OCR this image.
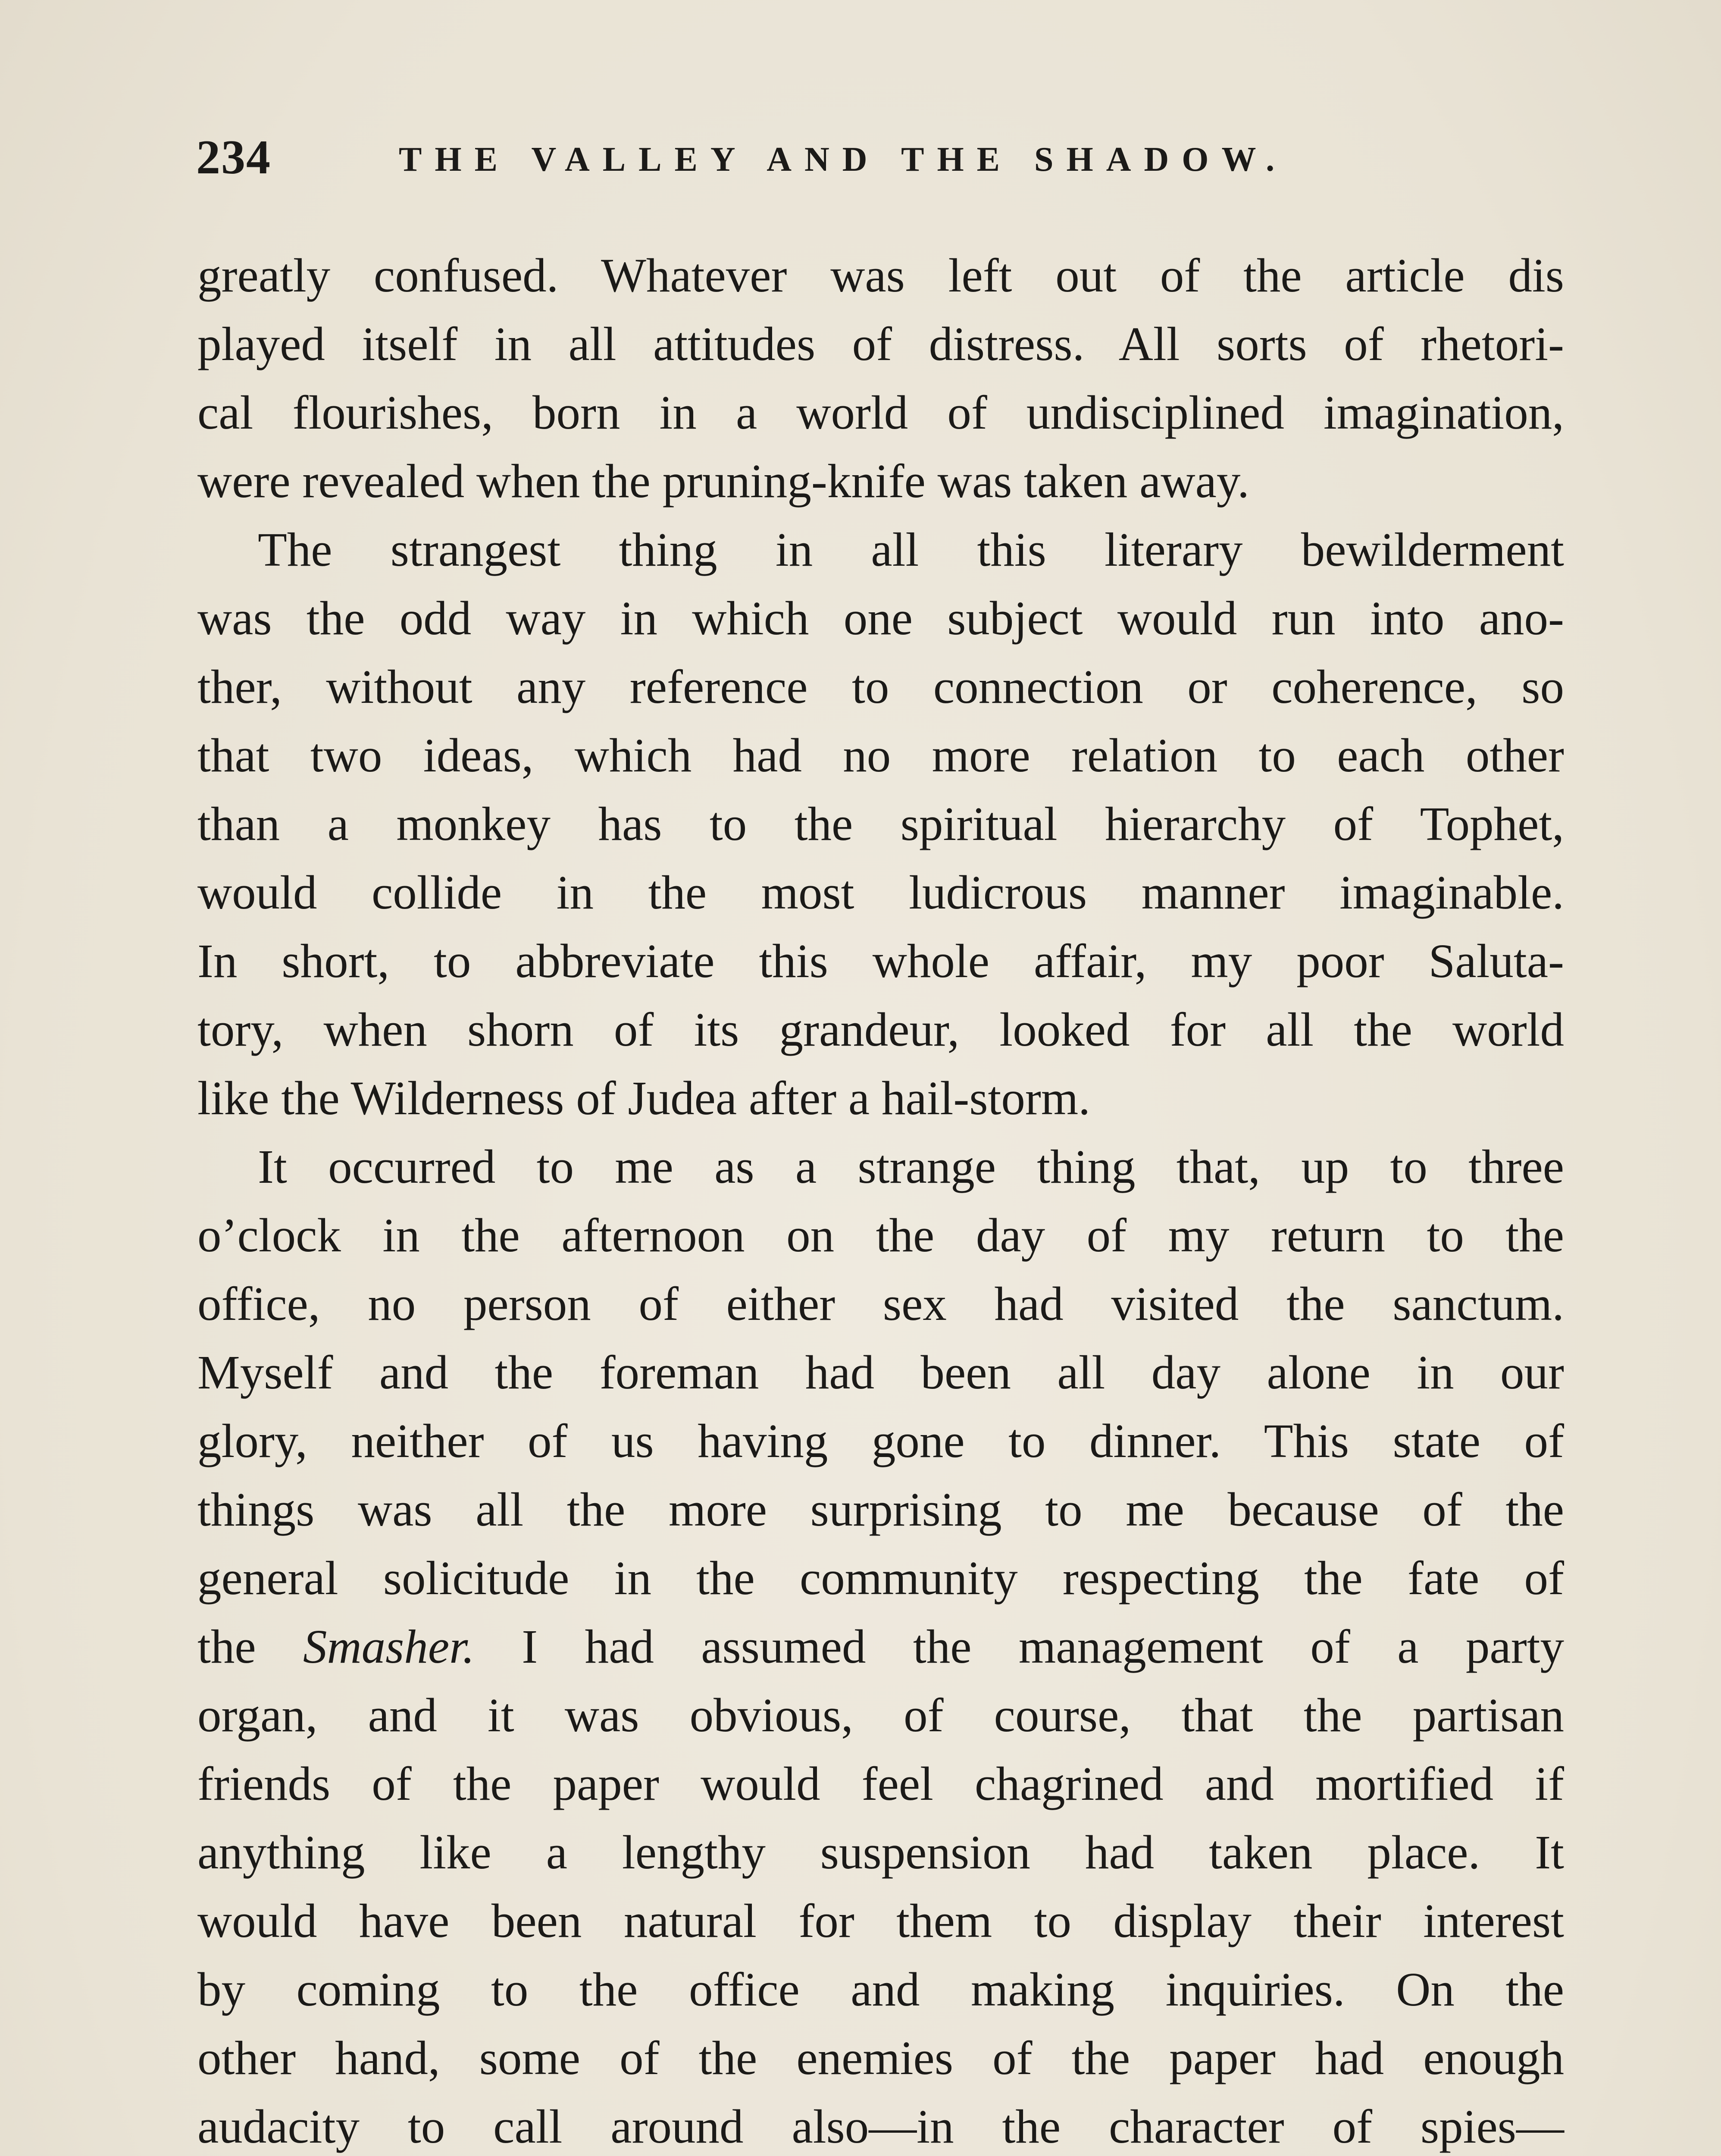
234	THE VALLEY AND THE SHADOW.
greatly confused. Whatever was left out of the article dis
played itself in all attitudes of distress. All sorts of rhetori-
cal flourishes, born in a world of undisciplined imagination,
were revealed when the pruning-knife was taken away.
The strangest thing in all this literary bewilderment
was the odd way in which one subject would run into ano-
ther, without any reference to connection or coherence, so
that two ideas, which had no more relation to each other
than a monkey has to the spiritual hierarchy of Tophet,
would collide in the most ludicrous manner imaginable.
In short, to abbreviate this whole affair, my poor Saluta-
tory, when shorn of its grandeur, looked for all the world
like the Wilderness of Judea after a hail-storm.
It occurred to me as a strange thing that, up to three
o’clock in the afternoon on the day of my return to the
office, no person of either sex had visited the sanctum.
Myself and the foreman had been all day alone in our
glory, neither of us having gone to dinner. This state of
things was all the more surprising to me because of the
general solicitude in the community respecting the fate of
the Smasher. I had assumed the management of a party
organ, and it was obvious, of course, that the partisan
friends of the paper would feel chagrined and mortified if
anything like a lengthy suspension had taken place. It
would have been natural for them to display their interest
by coming to the office and making inquiries. On the
other hand, some of the enemies of the paper had enough
audacity to call around also—in the character of spies—
